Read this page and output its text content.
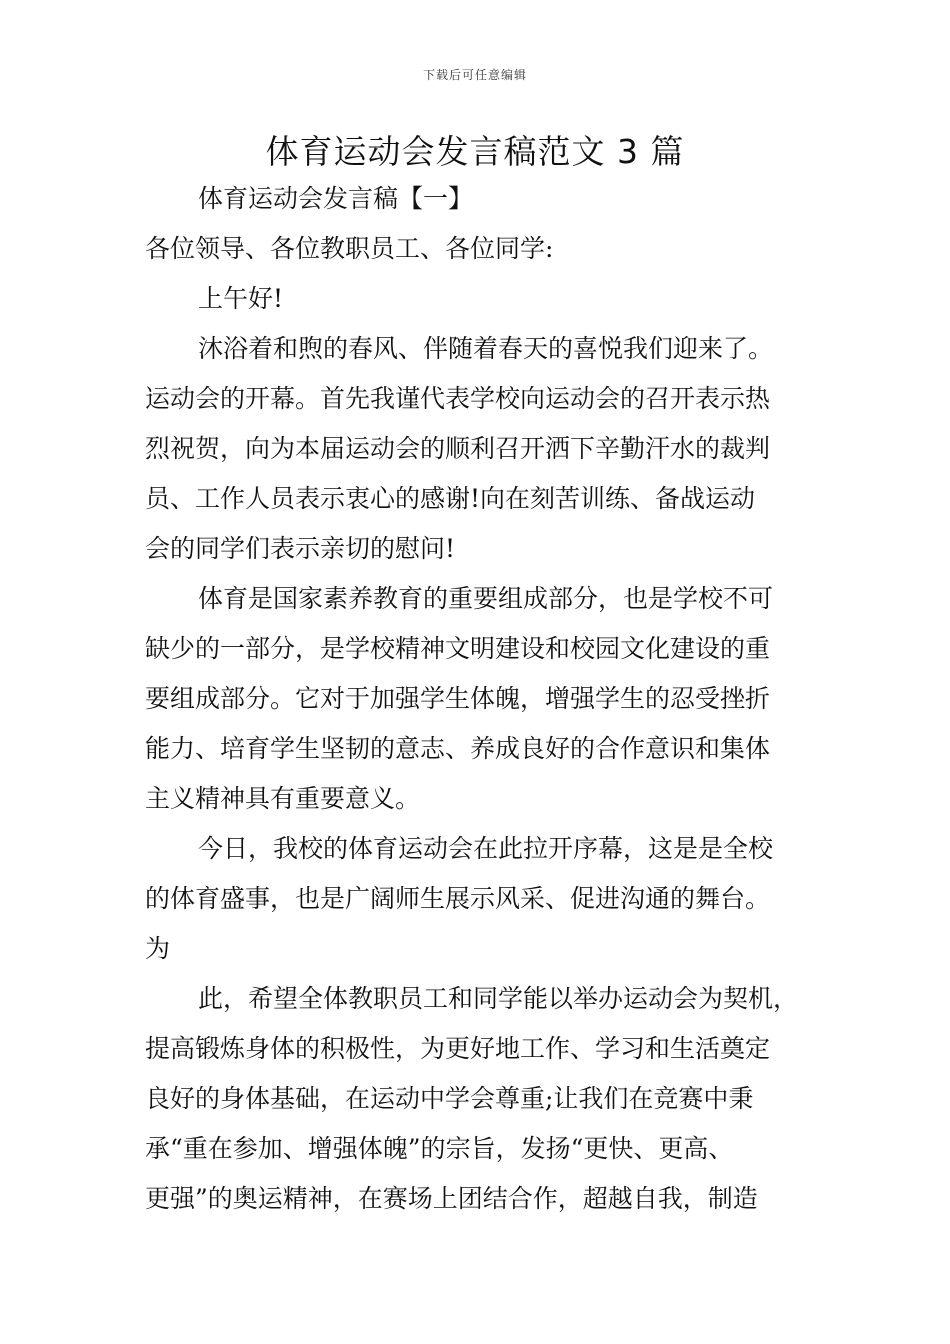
下载后可任意编辑
体育运动会发言稿范文 3 篇
体育运动会发言稿【一】
各位领导、各位教职员工、各位同学:
上午好!
沐浴着和煦的春风、伴随着春天的喜悦我们迎来了。
运动会的开幕。首先我谨代表学校向运动会的召开表示热
烈祝贺，向为本届运动会的顺利召开洒下辛勤汗水的裁判
员、工作人员表示衷心的感谢!向在刻苦训练、备战运动
会的同学们表示亲切的慰问!
体育是国家素养教育的重要组成部分，也是学校不可
缺少的一部分，是学校精神文明建设和校园文化建设的重
要组成部分。它对于加强学生体魄，增强学生的忍受挫折
能力、培育学生坚韧的意志、养成良好的合作意识和集体
主义精神具有重要意义。
今日，我校的体育运动会在此拉开序幕，这是是全校
的体育盛事，也是广阔师生展示风采、促进沟通的舞台。
为
此，希望全体教职员工和同学能以举办运动会为契机，
提高锻炼身体的积极性，为更好地工作、学习和生活奠定
良好的身体基础，在运动中学会尊重;让我们在竞赛中秉
承“重在参加、增强体魄”的宗旨，发扬“更快、更高、
更强”的奥运精神，在赛场上团结合作，超越自我，制造
